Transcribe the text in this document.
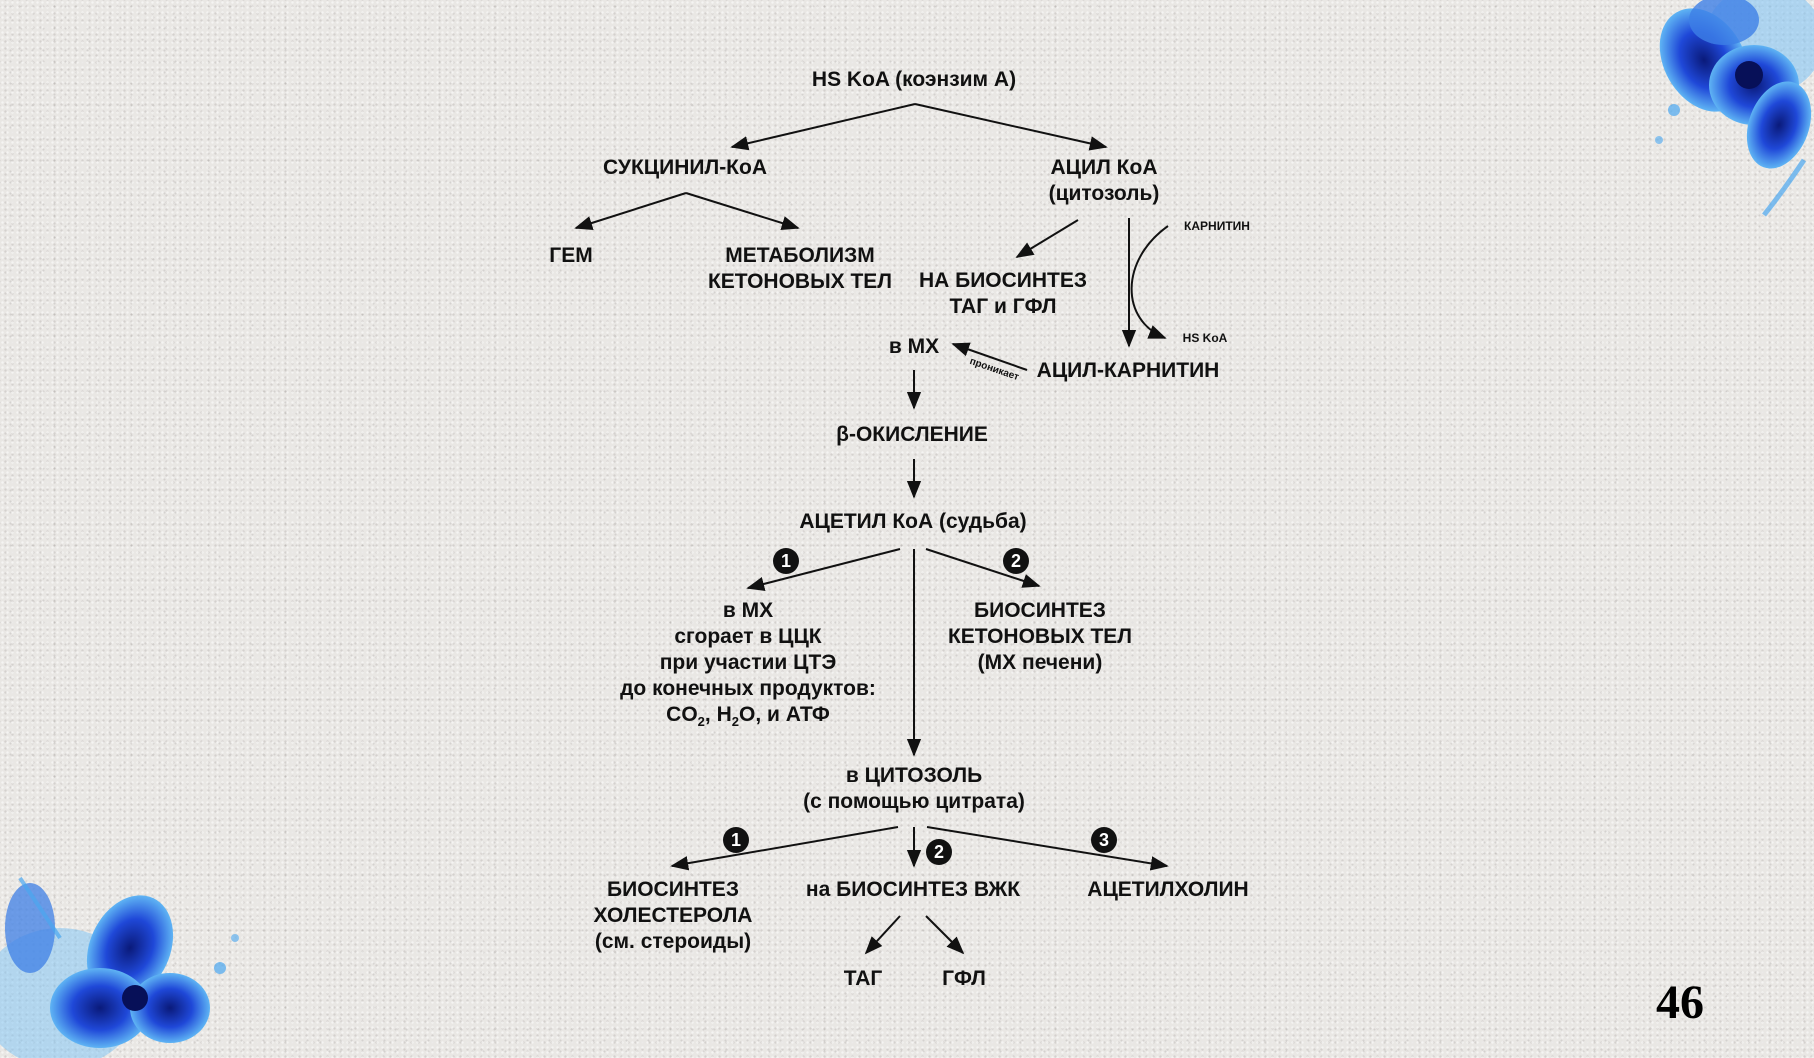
HS KoA (коэнзим А)
СУКЦИНИЛ-КоА	АЦИЛ КоА
(цитозоль)
ГЕМ	МЕТАБОЛИЗМ
КЕТОНОВЫХ ТЕЛ НА БИОСИНТЕЗ
ТАГ и ГФЛ
КАРНИТИН
HS KoA
в МХ
проникает АЦИЛ-КАРНИТИН
β-ОКИСЛЕНИЕ
АЦЕТИЛ КоА (судьба)
1	2
в МХ
сгорает в ЦЦК
при участии ЦТЭ
до конечных продуктов:
$CO_2$, $H_2O$, и АТФ
БИОСИНТЕЗ
КЕТОНОВЫХ ТЕЛ
(МХ печени)
в ЦИТОЗОЛЬ
(с помощью цитрата)
1
2
3
БИОСИНТЕЗ
ХОЛЕСТЕРОЛА
(см. стероиды)
на БИОСИНТЕЗ ВЖК	АЦЕТИЛХОЛИН
ТАГ	ГФЛ	46
